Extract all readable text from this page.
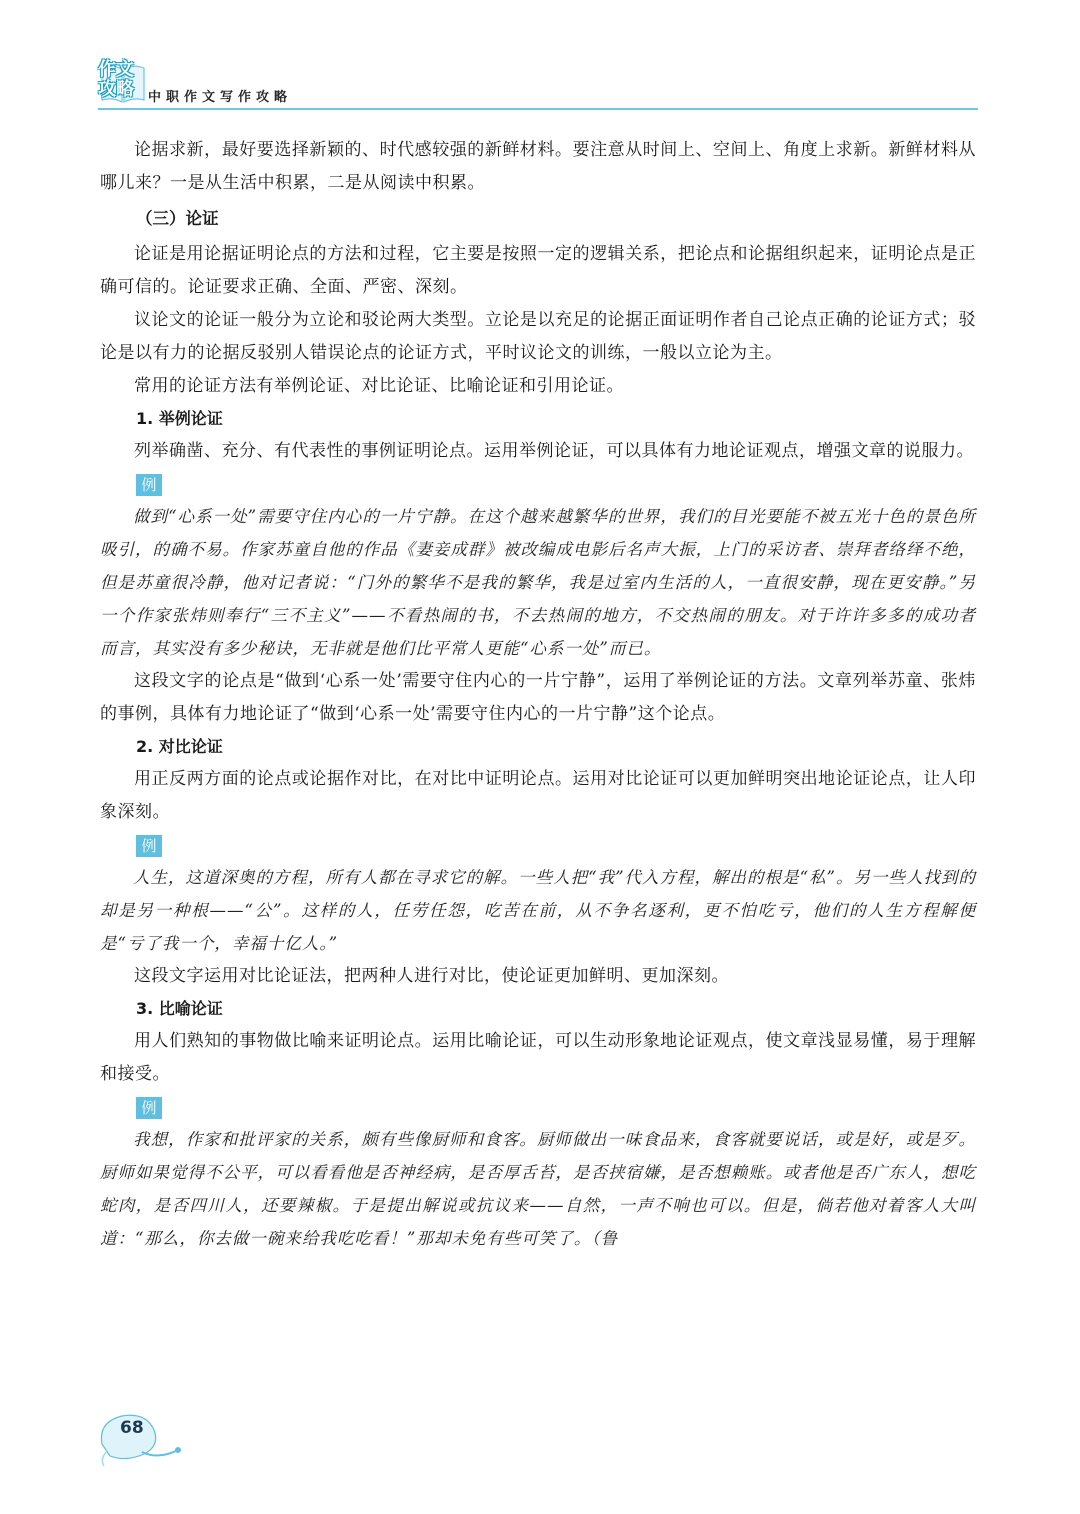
作文
攻略	中职作文写作攻略

论据求新，最好要选择新颖的、时代感较强的新鲜材料。要注意从时间上、空间上、角度上求新。新鲜材料从哪儿来？一是从生活中积累，二是从阅读中积累。

（三）论证

论证是用论据证明论点的方法和过程，它主要是按照一定的逻辑关系，把论点和论据组织起来，证明论点是正确可信的。论证要求正确、全面、严密、深刻。

议论文的论证一般分为立论和驳论两大类型。立论是以充足的论据正面证明作者自己论点正确的论证方式；驳论是以有力的论据反驳别人错误论点的论证方式，平时议论文的训练，一般以立论为主。

常用的论证方法有举例论证、对比论证、比喻论证和引用论证。

1. 举例论证

列举确凿、充分、有代表性的事例证明论点。运用举例论证，可以具体有力地论证观点，增强文章的说服力。

例

做到“心系一处”需要守住内心的一片宁静。在这个越来越繁华的世界，我们的目光要能不被五光十色的景色所吸引，的确不易。作家苏童自他的作品《妻妾成群》被改编成电影后名声大振，上门的采访者、崇拜者络绎不绝，但是苏童很冷静，他对记者说：“门外的繁华不是我的繁华，我是过室内生活的人，一直很安静，现在更安静。”另一个作家张炜则奉行“三不主义”——不看热闹的书，不去热闹的地方，不交热闹的朋友。对于许许多多的成功者而言，其实没有多少秘诀，无非就是他们比平常人更能“心系一处”而已。

这段文字的论点是“做到‘心系一处’需要守住内心的一片宁静”，运用了举例论证的方法。文章列举苏童、张炜的事例，具体有力地论证了“做到‘心系一处’需要守住内心的一片宁静”这个论点。

2. 对比论证

用正反两方面的论点或论据作对比，在对比中证明论点。运用对比论证可以更加鲜明突出地论证论点，让人印象深刻。

例

人生，这道深奥的方程，所有人都在寻求它的解。一些人把“我”代入方程，解出的根是“私”。另一些人找到的却是另一种根——“公”。这样的人，任劳任怨，吃苦在前，从不争名逐利，更不怕吃亏，他们的人生方程解便是“亏了我一个，幸福十亿人。”

这段文字运用对比论证法，把两种人进行对比，使论证更加鲜明、更加深刻。

3. 比喻论证

用人们熟知的事物做比喻来证明论点。运用比喻论证，可以生动形象地论证观点，使文章浅显易懂，易于理解和接受。

例

我想，作家和批评家的关系，颇有些像厨师和食客。厨师做出一味食品来，食客就要说话，或是好，或是歹。厨师如果觉得不公平，可以看看他是否神经病，是否厚舌苔，是否挟宿嫌，是否想赖账。或者他是否广东人，想吃蛇肉，是否四川人，还要辣椒。于是提出解说或抗议来——自然，一声不响也可以。但是，倘若他对着客人大叫道：“那么，你去做一碗来给我吃吃看！”那却未免有些可笑了。（鲁

68
